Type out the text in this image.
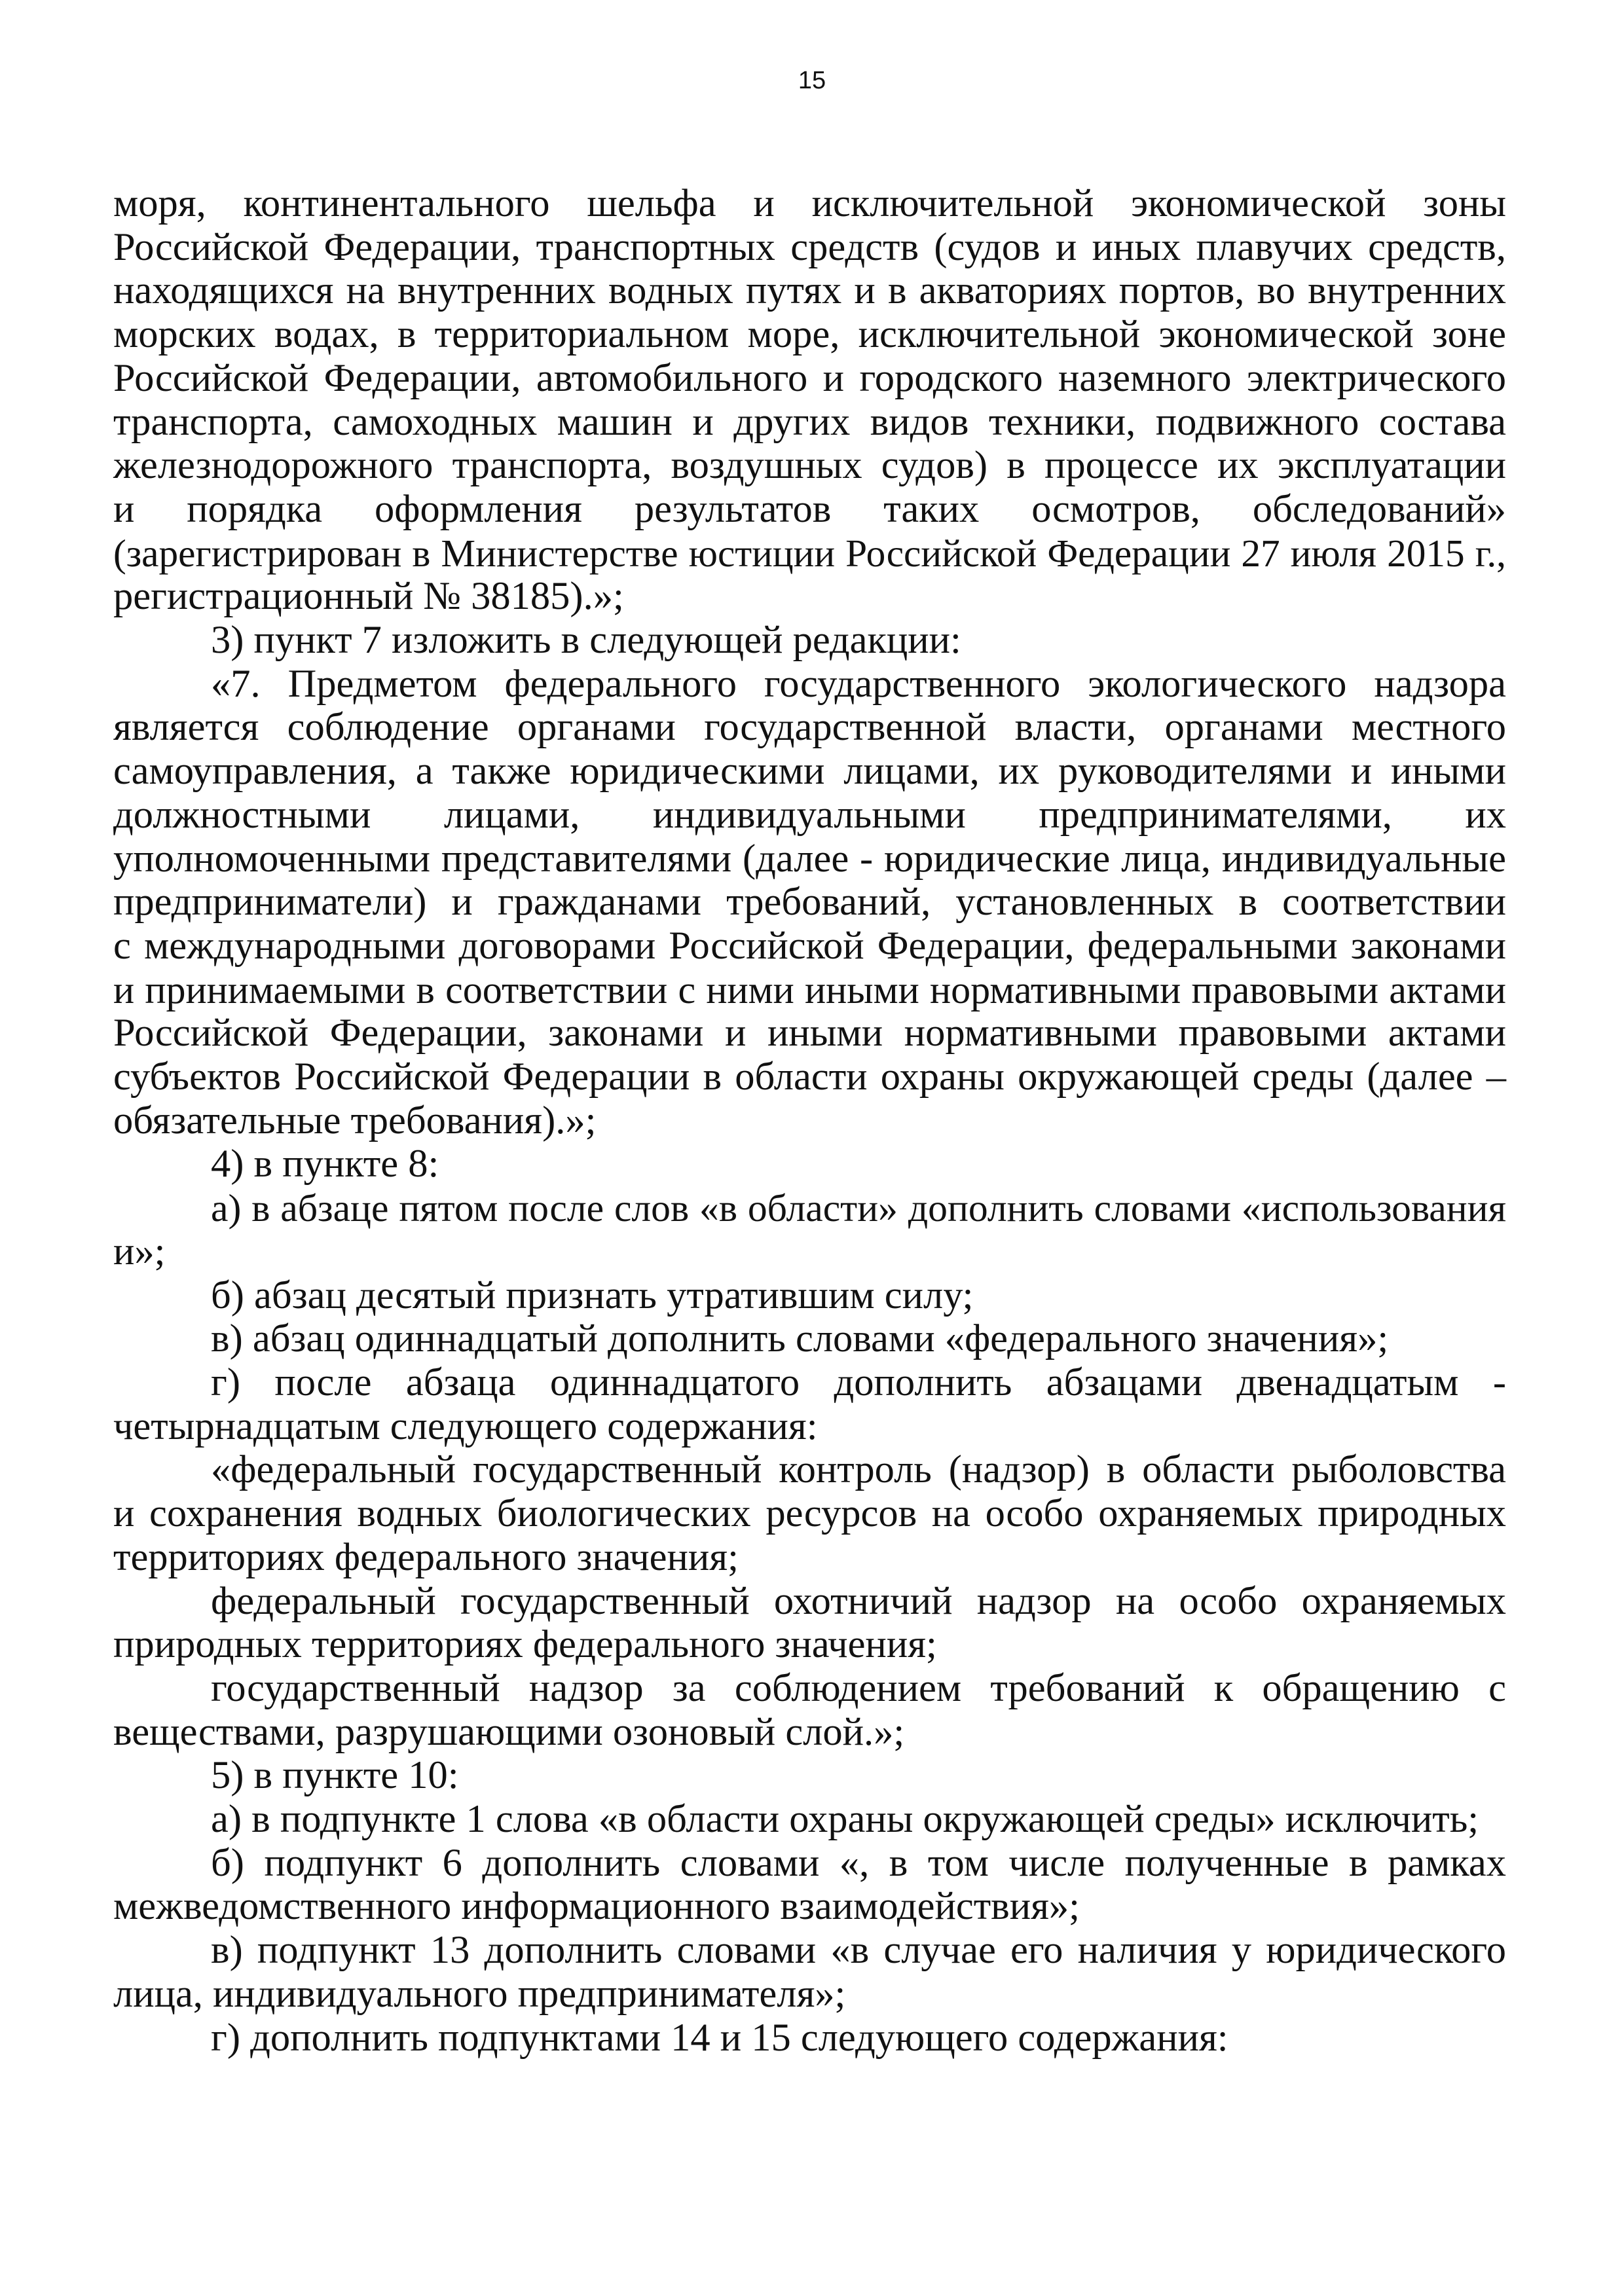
15
моря, континентального шельфа и исключительной экономической зоны
Российской Федерации, транспортных средств (судов и иных плавучих средств,
находящихся на внутренних водных путях и в акваториях портов, во внутренних
морских водах, в территориальном море, исключительной экономической зоне
Российской Федерации, автомобильного и городского наземного электрического
транспорта, самоходных машин и других видов техники, подвижного состава
железнодорожного транспорта, воздушных судов) в процессе их эксплуатации
и порядка оформления результатов таких осмотров, обследований»
(зарегистрирован в Министерстве юстиции Российской Федерации 27 июля 2015 г.,
регистрационный № 38185).»;
3) пункт 7 изложить в следующей редакции:
«7. Предметом федерального государственного экологического надзора
является соблюдение органами государственной власти, органами местного
самоуправления, а также юридическими лицами, их руководителями и иными
должностными лицами, индивидуальными предпринимателями, их
уполномоченными представителями (далее - юридические лица, индивидуальные
предприниматели) и гражданами требований, установленных в соответствии
с международными договорами Российской Федерации, федеральными законами
и принимаемыми в соответствии с ними иными нормативными правовыми актами
Российской Федерации, законами и иными нормативными правовыми актами
субъектов Российской Федерации в области охраны окружающей среды (далее –
обязательные требования).»;
4) в пункте 8:
а) в абзаце пятом после слов «в области» дополнить словами «использования
и»;
б) абзац десятый признать утратившим силу;
в) абзац одиннадцатый дополнить словами «федерального значения»;
г) после абзаца одиннадцатого дополнить абзацами двенадцатым -
четырнадцатым следующего содержания:
«федеральный государственный контроль (надзор) в области рыболовства
и сохранения водных биологических ресурсов на особо охраняемых природных
территориях федерального значения;
федеральный государственный охотничий надзор на особо охраняемых
природных территориях федерального значения;
государственный надзор за соблюдением требований к обращению с
веществами, разрушающими озоновый слой.»;
5) в пункте 10:
а) в подпункте 1 слова «в области охраны окружающей среды» исключить;
б) подпункт 6 дополнить словами «, в том числе полученные в рамках
межведомственного информационного взаимодействия»;
в) подпункт 13 дополнить словами «в случае его наличия у юридического
лица, индивидуального предпринимателя»;
г) дополнить подпунктами 14 и 15 следующего содержания:
